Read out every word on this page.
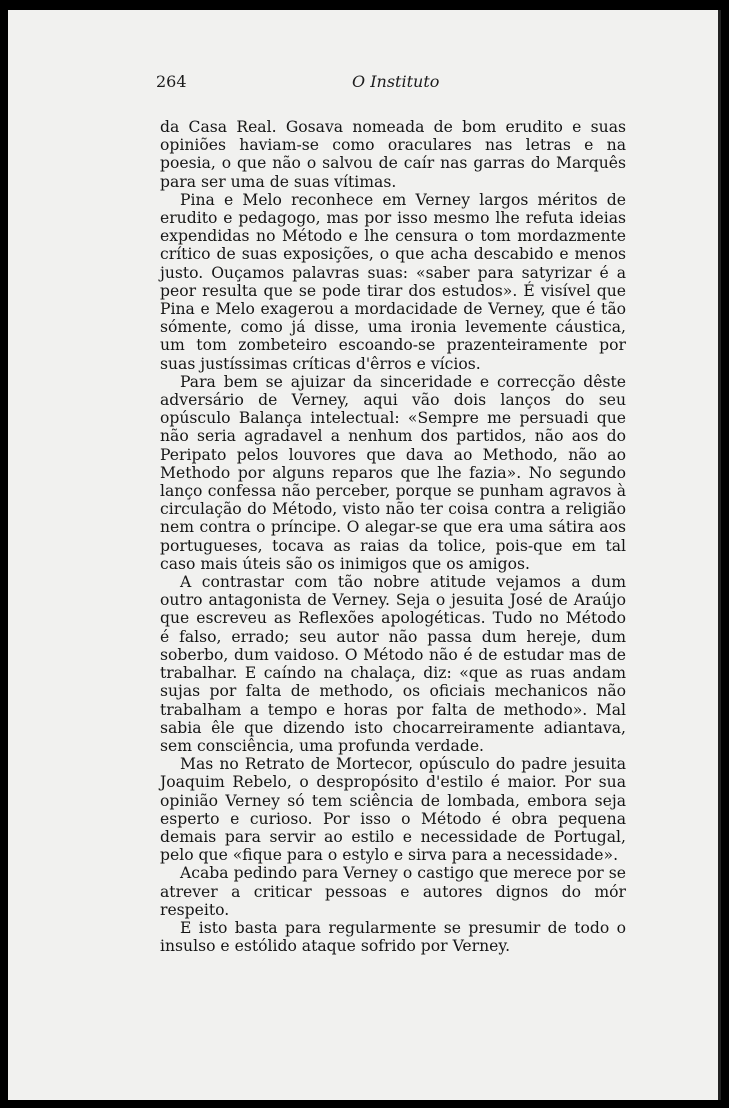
264	O Instituto

da Casa Real. Gosava nomeada de bom erudito e suas opiniões haviam-se como oraculares nas letras e na poesia, o que não o salvou de caír nas garras do Marquês para ser uma de suas vítimas.

Pina e Melo reconhece em Verney largos méritos de erudito e pedagogo, mas por isso mesmo lhe refuta ideias expendidas no Método e lhe censura o tom mordazmente crítico de suas exposições, o que acha descabido e menos justo. Ouçamos palavras suas: «saber para satyrizar é a peor resulta que se pode tirar dos estudos». É visível que Pina e Melo exagerou a mordacidade de Verney, que é tão sómente, como já disse, uma ironia levemente cáustica, um tom zombeteiro escoando-se prazenteiramente por suas justíssimas críticas d'êrros e vícios.

Para bem se ajuizar da sinceridade e correcção dêste adversário de Verney, aqui vão dois lanços do seu opúsculo Balança intelectual: «Sempre me persuadi que não seria agradavel a nenhum dos partidos, não aos do Peripato pelos louvores que dava ao Methodo, não ao Methodo por alguns reparos que lhe fazia». No segundo lanço confessa não perceber, porque se punham agravos à circulação do Método, visto não ter coisa contra a religião nem contra o príncipe. O alegar-se que era uma sátira aos portugueses, tocava as raias da tolice, pois-que em tal caso mais úteis são os inimigos que os amigos.

A contrastar com tão nobre atitude vejamos a dum outro antagonista de Verney. Seja o jesuita José de Araújo que escreveu as Reflexões apologéticas. Tudo no Método é falso, errado; seu autor não passa dum hereje, dum soberbo, dum vaidoso. O Método não é de estudar mas de trabalhar. E caíndo na chalaça, diz: «que as ruas andam sujas por falta de methodo, os oficiais mechanicos não trabalham a tempo e horas por falta de methodo». Mal sabia êle que dizendo isto chocarreiramente adiantava, sem consciência, uma profunda verdade.

Mas no Retrato de Mortecor, opúsculo do padre jesuita Joaquim Rebelo, o despropósito d'estilo é maior. Por sua opinião Verney só tem sciência de lombada, embora seja esperto e curioso. Por isso o Método é obra pequena demais para servir ao estilo e necessidade de Portugal, pelo que «fique para o estylo e sirva para a necessidade».

Acaba pedindo para Verney o castigo que merece por se atrever a criticar pessoas e autores dignos do mór respeito.

E isto basta para regularmente se presumir de todo o insulso e estólido ataque sofrido por Verney.
